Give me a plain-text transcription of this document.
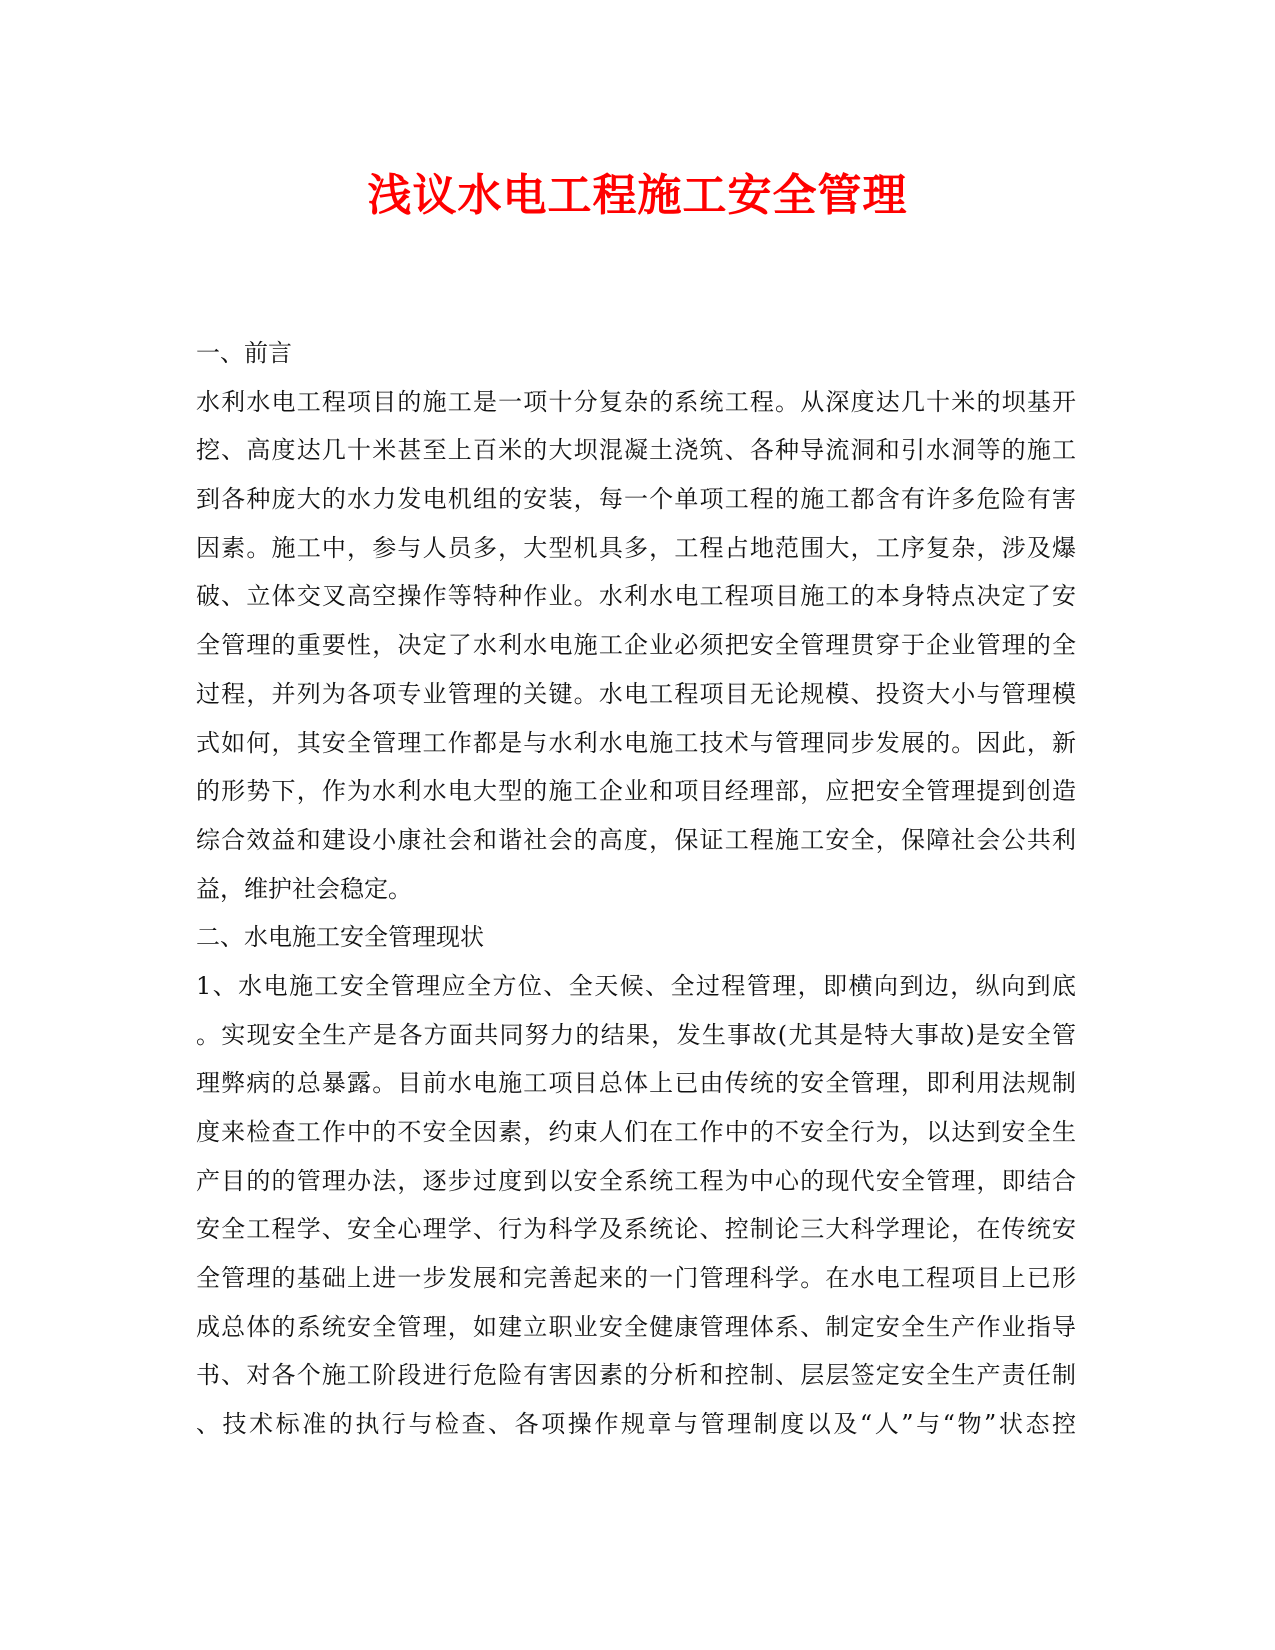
浅议水电工程施工安全管理
一、前言
水利水电工程项目的施工是一项十分复杂的系统工程。从深度达几十米的坝基开
挖、高度达几十米甚至上百米的大坝混凝土浇筑、各种导流洞和引水洞等的施工
到各种庞大的水力发电机组的安装，每一个单项工程的施工都含有许多危险有害
因素。施工中，参与人员多，大型机具多，工程占地范围大，工序复杂，涉及爆
破、立体交叉高空操作等特种作业。水利水电工程项目施工的本身特点决定了安
全管理的重要性，决定了水利水电施工企业必须把安全管理贯穿于企业管理的全
过程，并列为各项专业管理的关键。水电工程项目无论规模、投资大小与管理模
式如何，其安全管理工作都是与水利水电施工技术与管理同步发展的。因此，新
的形势下，作为水利水电大型的施工企业和项目经理部，应把安全管理提到创造
综合效益和建设小康社会和谐社会的高度，保证工程施工安全，保障社会公共利
益，维护社会稳定。
二、水电施工安全管理现状
1、水电施工安全管理应全方位、全天候、全过程管理，即横向到边，纵向到底
。实现安全生产是各方面共同努力的结果，发生事故(尤其是特大事故)是安全管
理弊病的总暴露。目前水电施工项目总体上已由传统的安全管理，即利用法规制
度来检查工作中的不安全因素，约束人们在工作中的不安全行为，以达到安全生
产目的的管理办法，逐步过度到以安全系统工程为中心的现代安全管理，即结合
安全工程学、安全心理学、行为科学及系统论、控制论三大科学理论，在传统安
全管理的基础上进一步发展和完善起来的一门管理科学。在水电工程项目上已形
成总体的系统安全管理，如建立职业安全健康管理体系、制定安全生产作业指导
书、对各个施工阶段进行危险有害因素的分析和控制、层层签定安全生产责任制
、技术标准的执行与检查、各项操作规章与管理制度以及“人”与“物”状态控
